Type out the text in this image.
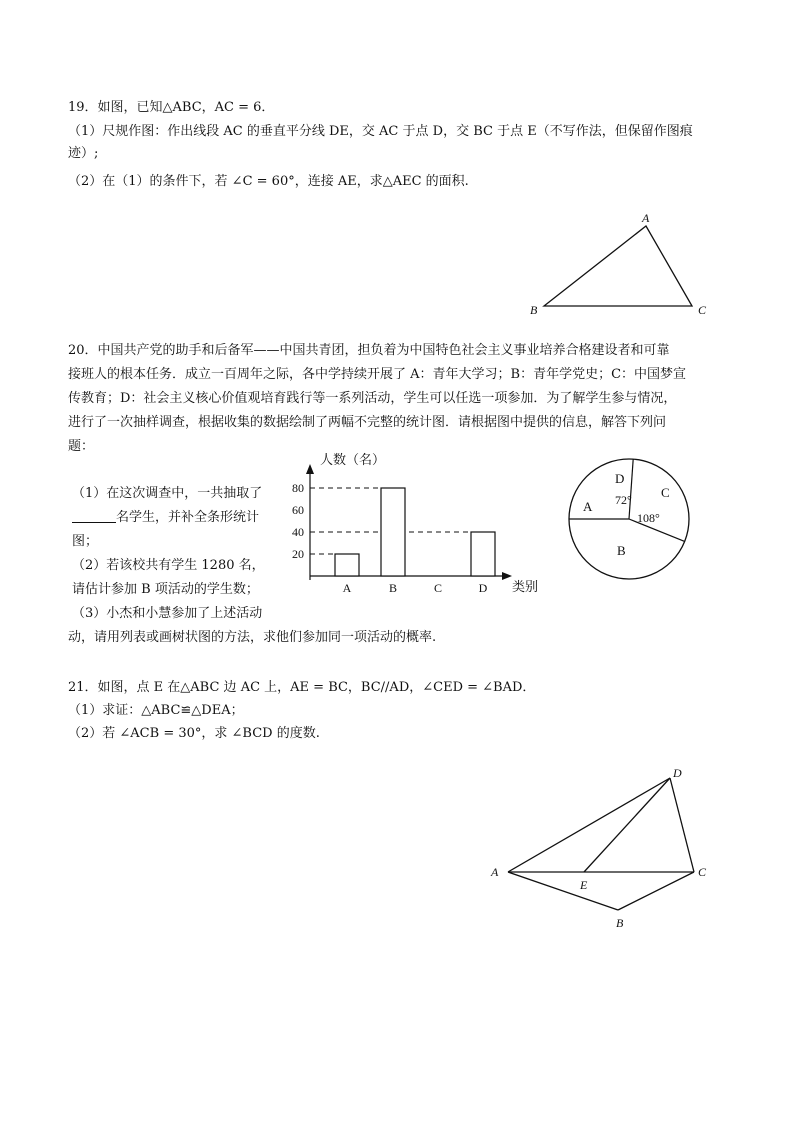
19．如图，已知△ABC，AC = 6．
（1）尺规作图：作出线段 AC 的垂直平分线 DE，交 AC 于点 D，交 BC 于点 E（不写作法，但保留作图痕
迹）;
（2）在（1）的条件下，若 ∠C = 60°，连接 AE，求△AEC 的面积.
A
B	C
20．中国共产党的助手和后备军——中国共青团，担负着为中国特色社会主义事业培养合格建设者和可靠
接班人的根本任务．成立一百周年之际，各中学持续开展了 A：青年大学习；B：青年学党史；C：中国梦宣
传教育；D：社会主义核心价值观培育践行等一系列活动，学生可以任选一项参加．为了解学生参与情况，
进行了一次抽样调查，根据收集的数据绘制了两幅不完整的统计图．请根据图中提供的信息，解答下列问
题：
（1）在这次调查中，一共抽取了
名学生，并补全条形统计
图；
（2）若该校共有学生 1280 名，
请估计参加 B 项活动的学生数；
（3）小杰和小慧参加了上述活动
动，请用列表或画树状图的方法，求他们参加同一项活动的概率.
人数（名）
类别
20
40
60
80
A	B	C	D
A
D
C
B
72°
108°
21．如图，点 E 在△ABC 边 AC 上，AE = BC，BC//AD，∠CED = ∠BAD．
（1）求证：△ABC≌△DEA；
（2）若 ∠ACB = 30°，求 ∠BCD 的度数.
A
B
C
D
E
